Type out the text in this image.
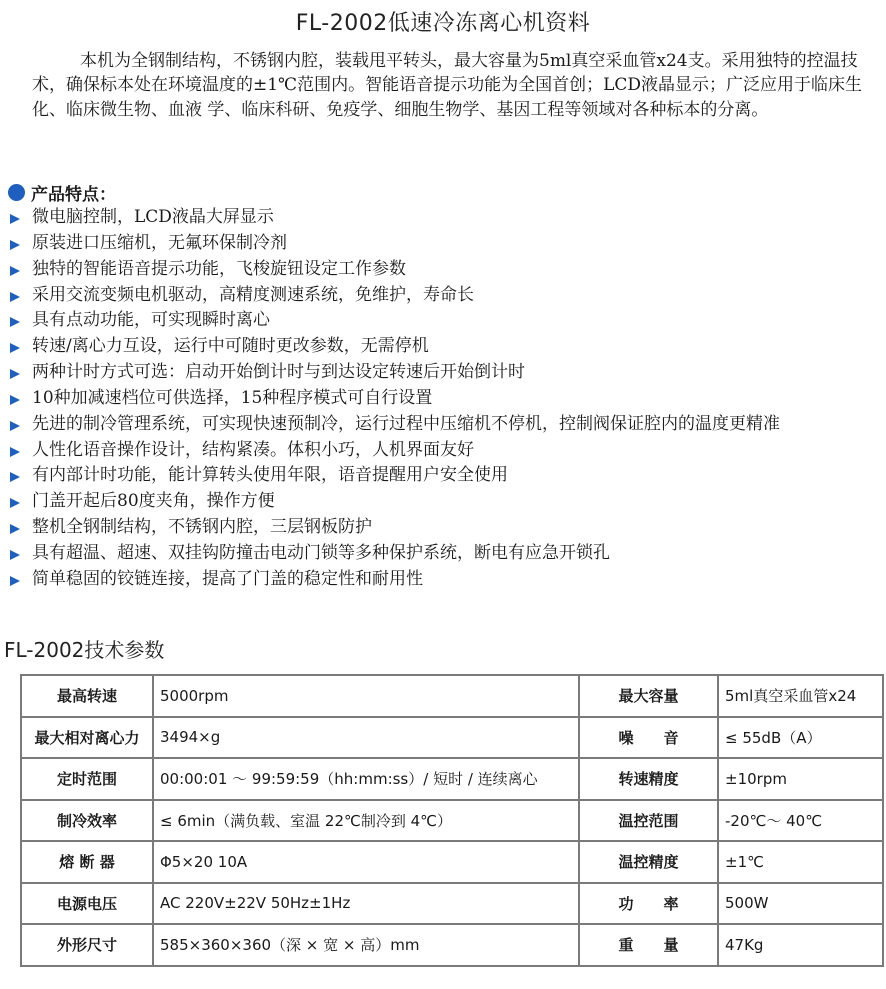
FL-2002低速冷冻离心机资料

本机为全钢制结构，不锈钢内腔，装载甩平转头，最大容量为5ml真空采血管x24支。采用独特的控温技术，确保标本处在环境温度的±1℃范围内。智能语音提示功能为全国首创；LCD液晶显示；广泛应用于临床生化、临床微生物、血液 学、临床科研、免疫学、细胞生物学、基因工程等领域对各种标本的分离。

产品特点：
微电脑控制，LCD液晶大屏显示
原装进口压缩机，无氟环保制冷剂
独特的智能语音提示功能，飞梭旋钮设定工作参数
采用交流变频电机驱动，高精度测速系统，免维护，寿命长
具有点动功能，可实现瞬时离心
转速/离心力互设，运行中可随时更改参数，无需停机
两种计时方式可选：启动开始倒计时与到达设定转速后开始倒计时
10种加减速档位可供选择，15种程序模式可自行设置
先进的制冷管理系统，可实现快速预制冷，运行过程中压缩机不停机，控制阀保证腔内的温度更精准
人性化语音操作设计，结构紧凑。体积小巧，人机界面友好
有内部计时功能，能计算转头使用年限，语音提醒用户安全使用
门盖开起后80度夹角，操作方便
整机全钢制结构，不锈钢内腔，三层钢板防护
具有超温、超速、双挂钩防撞击电动门锁等多种保护系统，断电有应急开锁孔
简单稳固的铰链连接，提高了门盖的稳定性和耐用性
FL-2002技术参数
最高转速	5000rpm	最大容量	5ml真空采血管x24
最大相对离心力	3494×g	噪　　音	≤ 55dB（A）
定时范围	00:00:01 ～ 99:59:59（hh:mm:ss）/ 短时 / 连续离心	转速精度	±10rpm
制冷效率	≤ 6min（满负载、室温 22℃制冷到 4℃）	温控范围	-20℃～ 40℃
熔 断 器	Φ5×20 10A	温控精度	±1℃
电源电压	AC 220V±22V 50Hz±1Hz	功　　率	500W
外形尺寸	585×360×360（深 × 宽 × 高）mm	重　　量	47Kg
